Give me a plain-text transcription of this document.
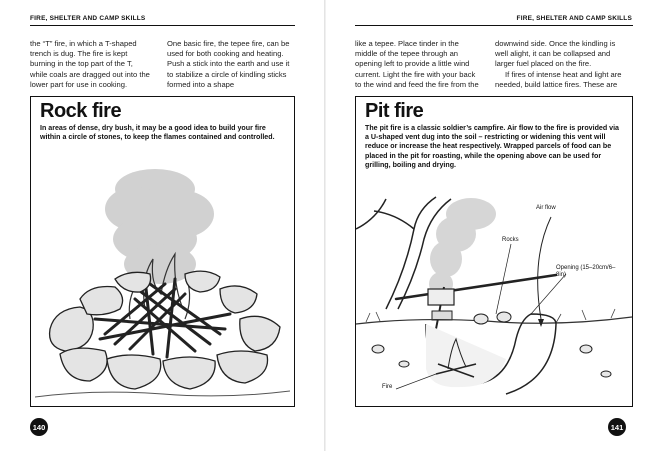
FIRE, SHELTER AND CAMP SKILLS
the “T” fire, in which a T-shaped trench is dug. The fire is kept burning in the top part of the T, while coals are dragged out into the lower part for use in cooking.
One basic fire, the tepee fire, can be used for both cooking and heating. Push a stick into the earth and use it to stabilize a circle of kindling sticks formed into a shape
Rock fire
In areas of dense, dry bush, it may be a good idea to build your fire within a circle of stones, to keep the flames contained and controlled.
140
FIRE, SHELTER AND CAMP SKILLS
like a tepee. Place tinder in the middle of the tepee through an opening left to provide a little wind current. Light the fire with your back to the wind and feed the fire from the
downwind side. Once the kindling is well alight, it can be collapsed and larger fuel placed on the fire.
If fires of intense heat and light are needed, build lattice fires. These are
Pit fire
The pit fire is a classic soldier’s campfire. Air flow to the fire is provided via a U-shaped vent dug into the soil – restricting or widening this vent will reduce or increase the heat respectively. Wrapped parcels of food can be placed in the pit for roasting, while the opening above can be used for grilling, boiling and drying.
Air flow
Rocks
Opening (15–20cm/6–8in)
Fire
141
